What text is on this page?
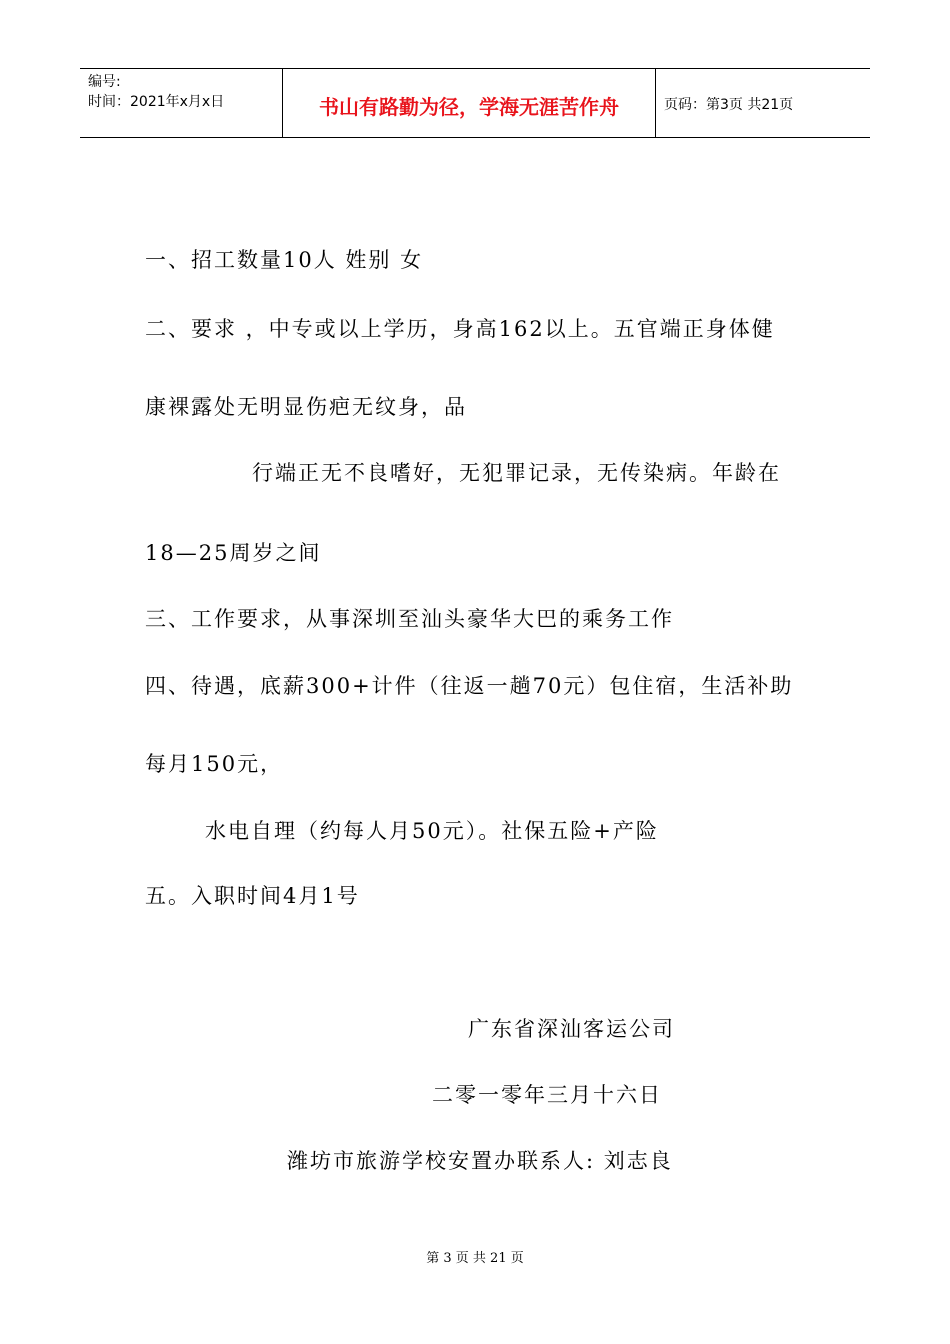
编号:
时间：2021年x月x日	书山有路勤为径，学海无涯苦作舟	页码：第3页 共21页
一、招工数量10人 姓别 女
二、要求 ，中专或以上学历，身高162以上。五官端正身体健
康裸露处无明显伤疤无纹身，品
行端正无不良嗜好，无犯罪记录，无传染病。年龄在
18—25周岁之间
三、工作要求，从事深圳至汕头豪华大巴的乘务工作
四、待遇，底薪300+计件（往返一趟70元）包住宿，生活补助
每月150元，
水电自理（约每人月50元）。社保五险+产险
五。入职时间4月1号
广东省深汕客运公司
二零一零年三月十六日
潍坊市旅游学校安置办联系人: 刘志良
第 3 页 共 21 页
